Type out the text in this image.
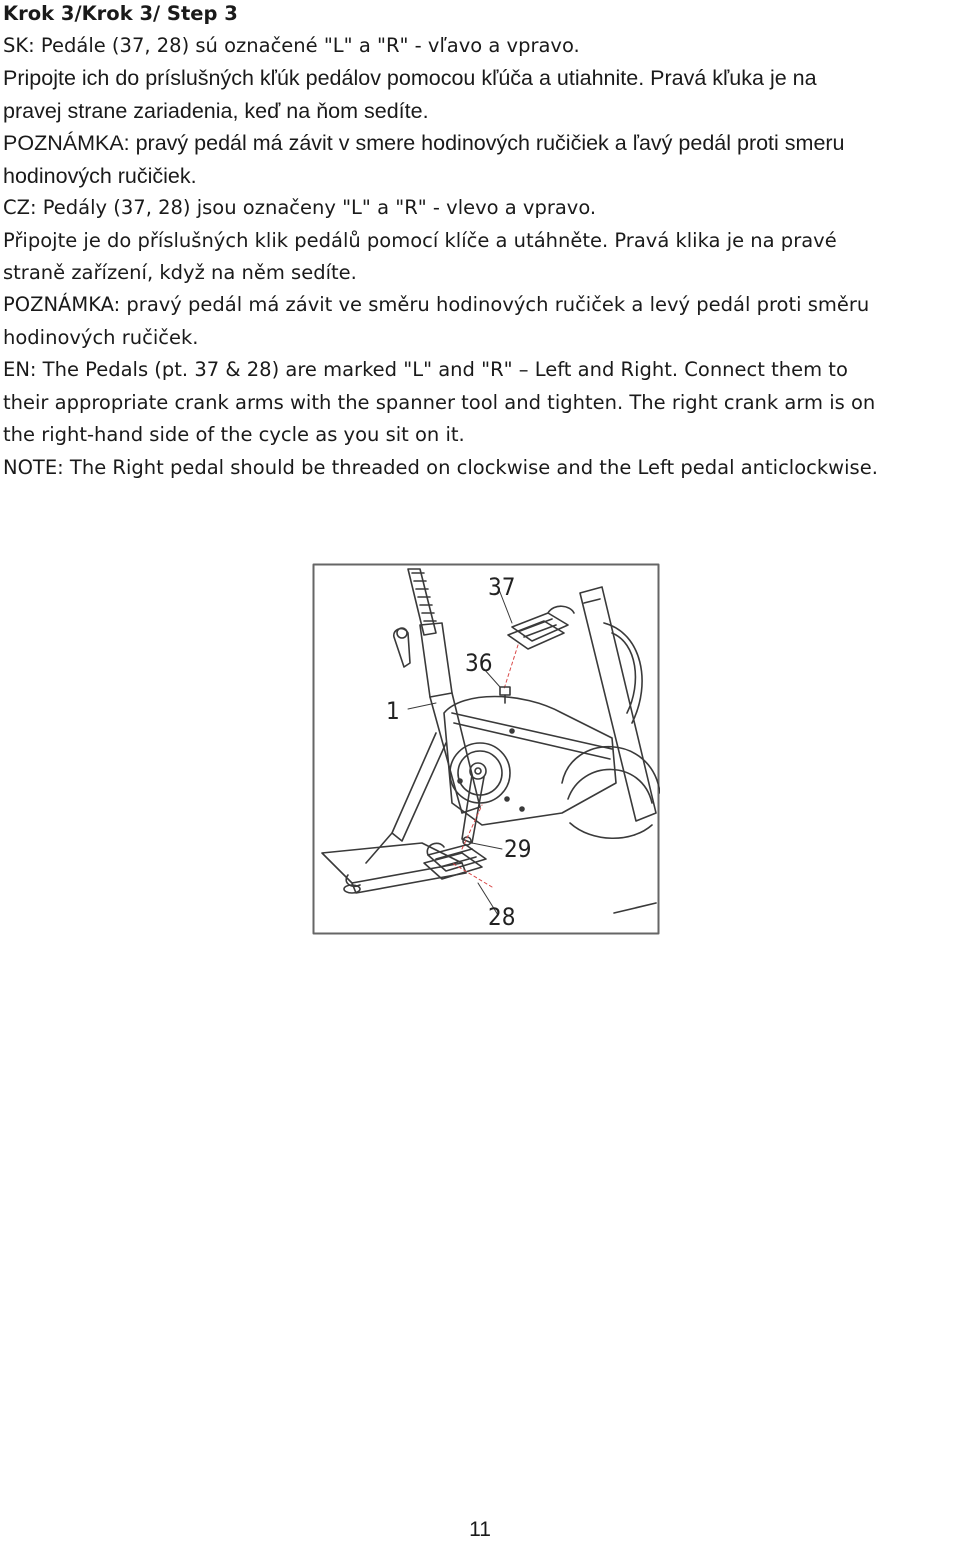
Krok 3/Krok 3/ Step 3
SK: Pedále (37, 28) sú označené "L" a "R" - vľavo a vpravo.
Pripojte ich do príslušných kľúk pedálov pomocou kľúča a utiahnite. Pravá kľuka je na
pravej strane zariadenia, keď na ňom sedíte.
POZNÁMKA: pravý pedál má závit v smere hodinových ručičiek a ľavý pedál proti smeru
hodinových ručičiek.
CZ: Pedály (37, 28) jsou označeny "L" a "R" - vlevo a vpravo.
Připojte je do příslušných klik pedálů pomocí klíče a utáhněte. Pravá klika je na pravé
straně zařízení, když na něm sedíte.
POZNÁMKA: pravý pedál má závit ve směru hodinových ručiček a levý pedál proti směru
hodinových ručiček.
EN: The Pedals (pt. 37 & 28) are marked "L" and "R" – Left and Right. Connect them to
their appropriate crank arms with the spanner tool and tighten. The right crank arm is on
the right-hand side of the cycle as you sit on it.
NOTE: The Right pedal should be threaded on clockwise and the Left pedal anticlockwise.
37
36
1
29
28
11
